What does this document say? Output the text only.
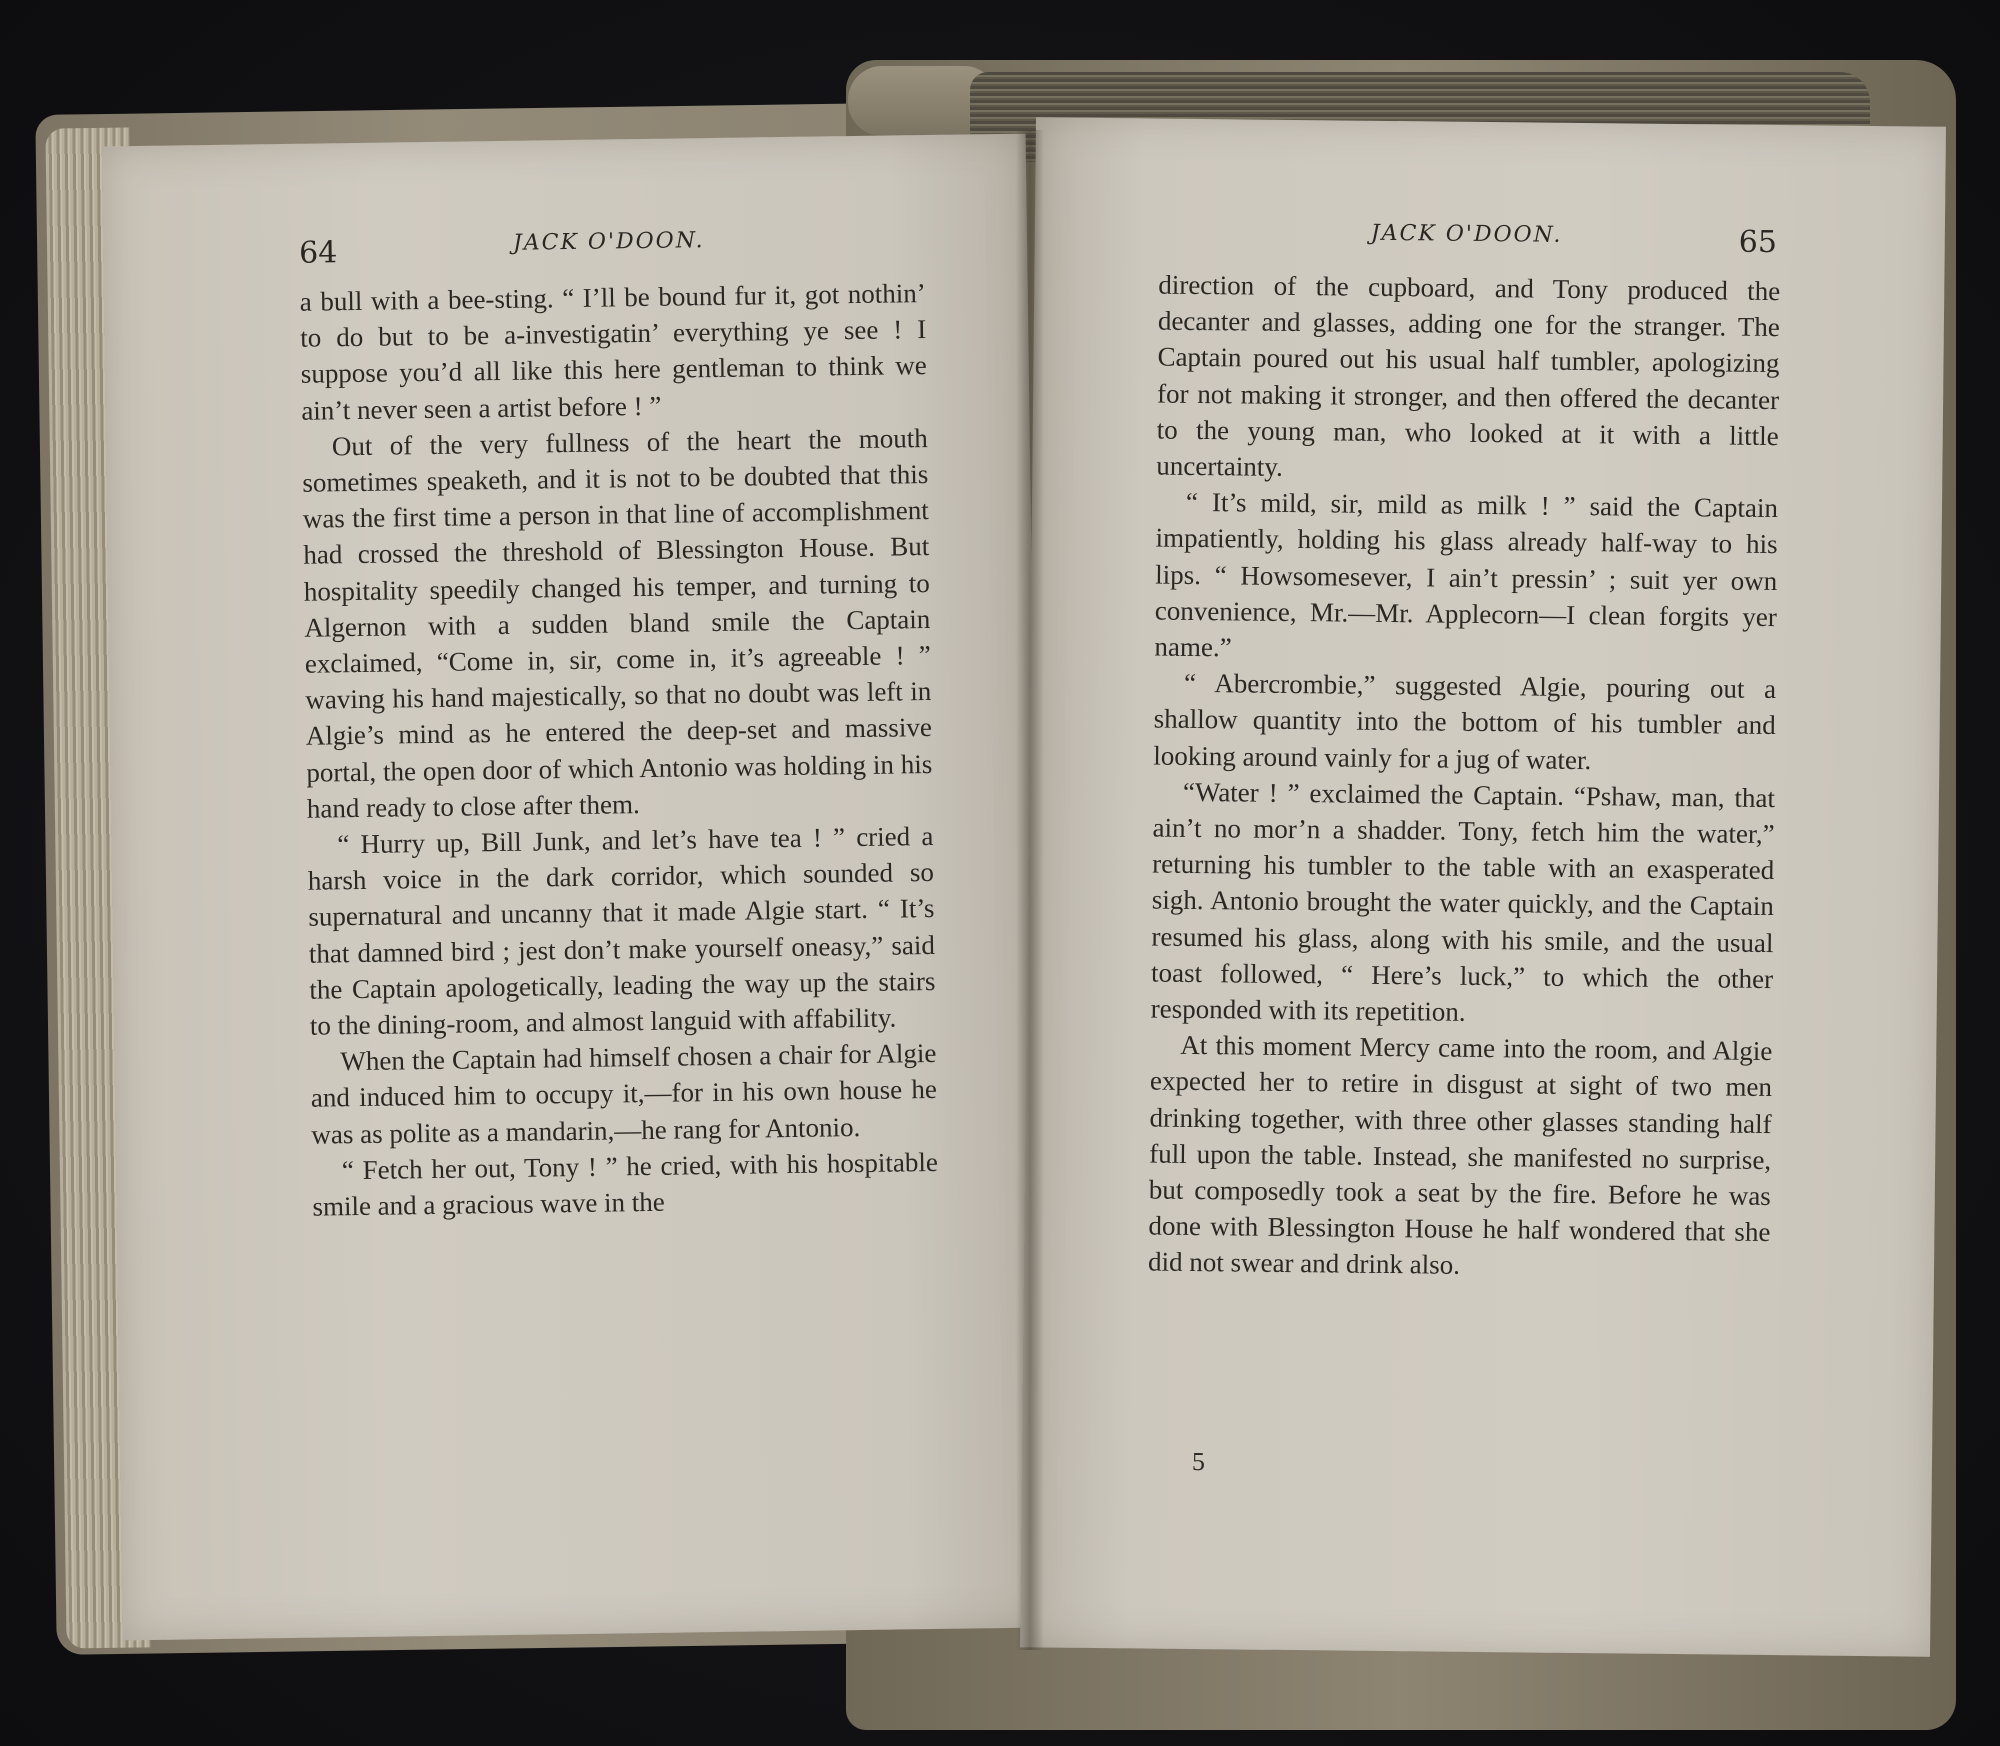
64	JACK O'DOON.

a bull with a bee-sting. “ I’ll be bound fur it, got nothin’ to do but to be a-investigatin’ everything ye see ! I suppose you’d all like this here gentleman to think we ain’t never seen a artist before ! ”

Out of the very fullness of the heart the mouth sometimes speaketh, and it is not to be doubted that this was the first time a person in that line of accomplishment had crossed the threshold of Blessington House. But hospitality speedily changed his temper, and turning to Algernon with a sudden bland smile the Captain exclaimed, “Come in, sir, come in, it’s agreeable ! ” waving his hand majestically, so that no doubt was left in Algie’s mind as he entered the deep-set and massive portal, the open door of which Antonio was holding in his hand ready to close after them.

“ Hurry up, Bill Junk, and let’s have tea ! ” cried a harsh voice in the dark corridor, which sounded so supernatural and uncanny that it made Algie start. “ It’s that damned bird ; jest don’t make yourself oneasy,” said the Captain apologetically, leading the way up the stairs to the dining-room, and almost languid with affability.

When the Captain had himself chosen a chair for Algie and induced him to occupy it,—for in his own house he was as polite as a mandarin,—he rang for Antonio.

“ Fetch her out, Tony ! ” he cried, with his hospitable smile and a gracious wave in the

JACK O'DOON.	65

direction of the cupboard, and Tony produced the decanter and glasses, adding one for the stranger. The Captain poured out his usual half tumbler, apologizing for not making it stronger, and then offered the decanter to the young man, who looked at it with a little uncertainty.

“ It’s mild, sir, mild as milk ! ” said the Captain impatiently, holding his glass already half-way to his lips. “ Howsomesever, I ain’t pressin’ ; suit yer own convenience, Mr.—Mr. Applecorn—I clean forgits yer name.”

“ Abercrombie,” suggested Algie, pouring out a shallow quantity into the bottom of his tumbler and looking around vainly for a jug of water.

“Water ! ” exclaimed the Captain. “Pshaw, man, that ain’t no mor’n a shadder. Tony, fetch him the water,” returning his tumbler to the table with an exasperated sigh. Antonio brought the water quickly, and the Captain resumed his glass, along with his smile, and the usual toast followed, “ Here’s luck,” to which the other responded with its repetition.

At this moment Mercy came into the room, and Algie expected her to retire in disgust at sight of two men drinking together, with three other glasses standing half full upon the table. Instead, she manifested no surprise, but composedly took a seat by the fire. Before he was done with Blessington House he half wondered that she did not swear and drink also.

5
